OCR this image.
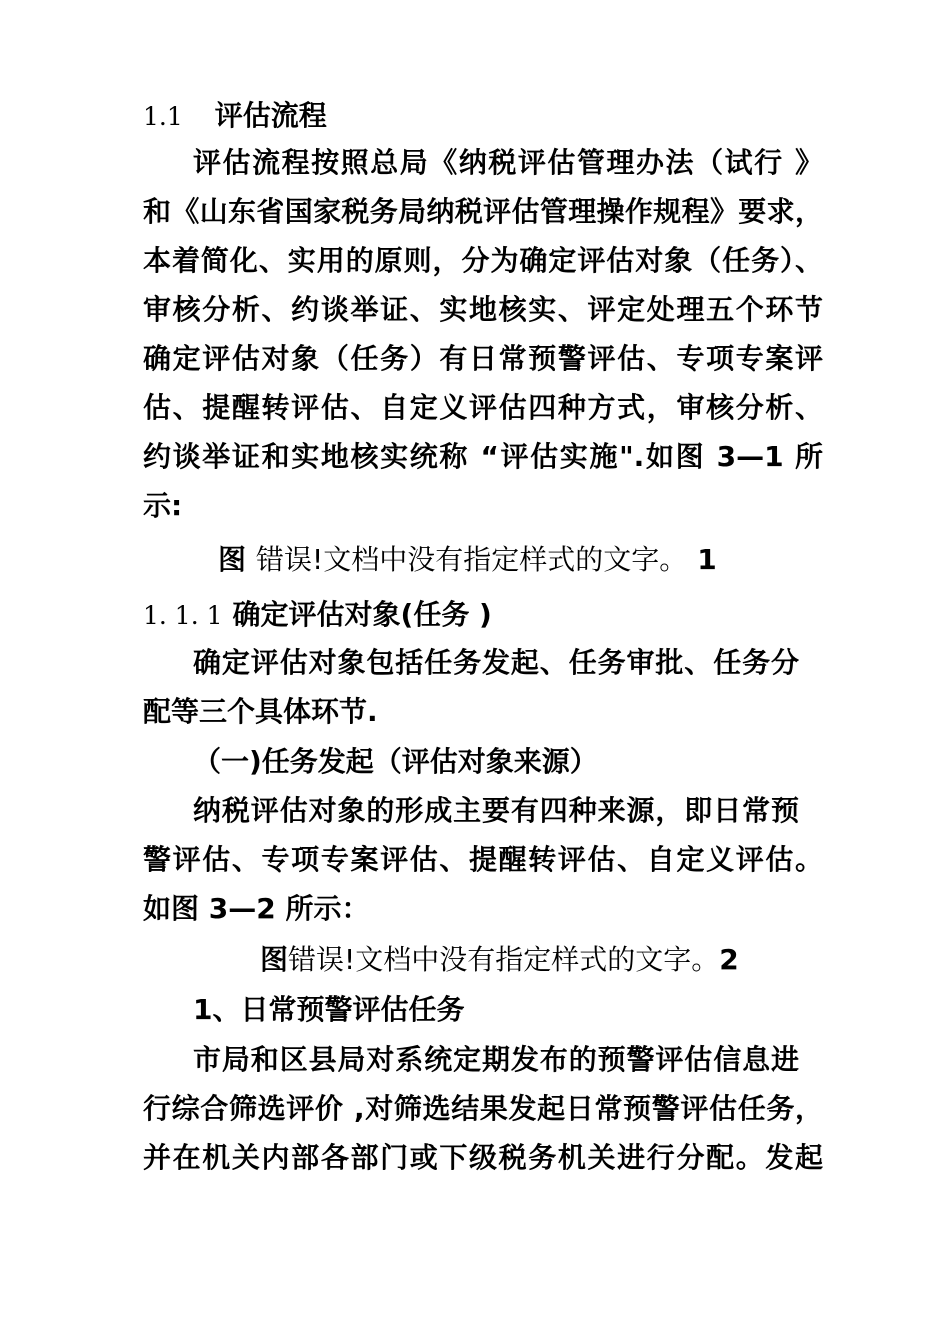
1.1 评估流程
评估流程按照总局《纳税评估管理办法（试行 》
和《山东省国家税务局纳税评估管理操作规程》要求，
本着简化、实用的原则，分为确定评估对象（任务）、
审核分析、约谈举证、实地核实、评定处理五个环节
确定评估对象（任务）有日常预警评估、专项专案评
估、提醒转评估、自定义评估四种方式，审核分析、
约谈举证和实地核实统称 “评估实施".如图 3—1 所
示:
图 错误!文档中没有指定样式的文字。 1
1. 1. 1 确定评估对象(任务 )
确定评估对象包括任务发起、任务审批、任务分
配等三个具体环节.
（一)任务发起（评估对象来源）
纳税评估对象的形成主要有四种来源，即日常预
警评估、专项专案评估、提醒转评估、自定义评估。
如图 3—2 所示：
图错误!文档中没有指定样式的文字。2
1、日常预警评估任务
市局和区县局对系统定期发布的预警评估信息进
行综合筛选评价 ,对筛选结果发起日常预警评估任务，
并在机关内部各部门或下级税务机关进行分配。发起
